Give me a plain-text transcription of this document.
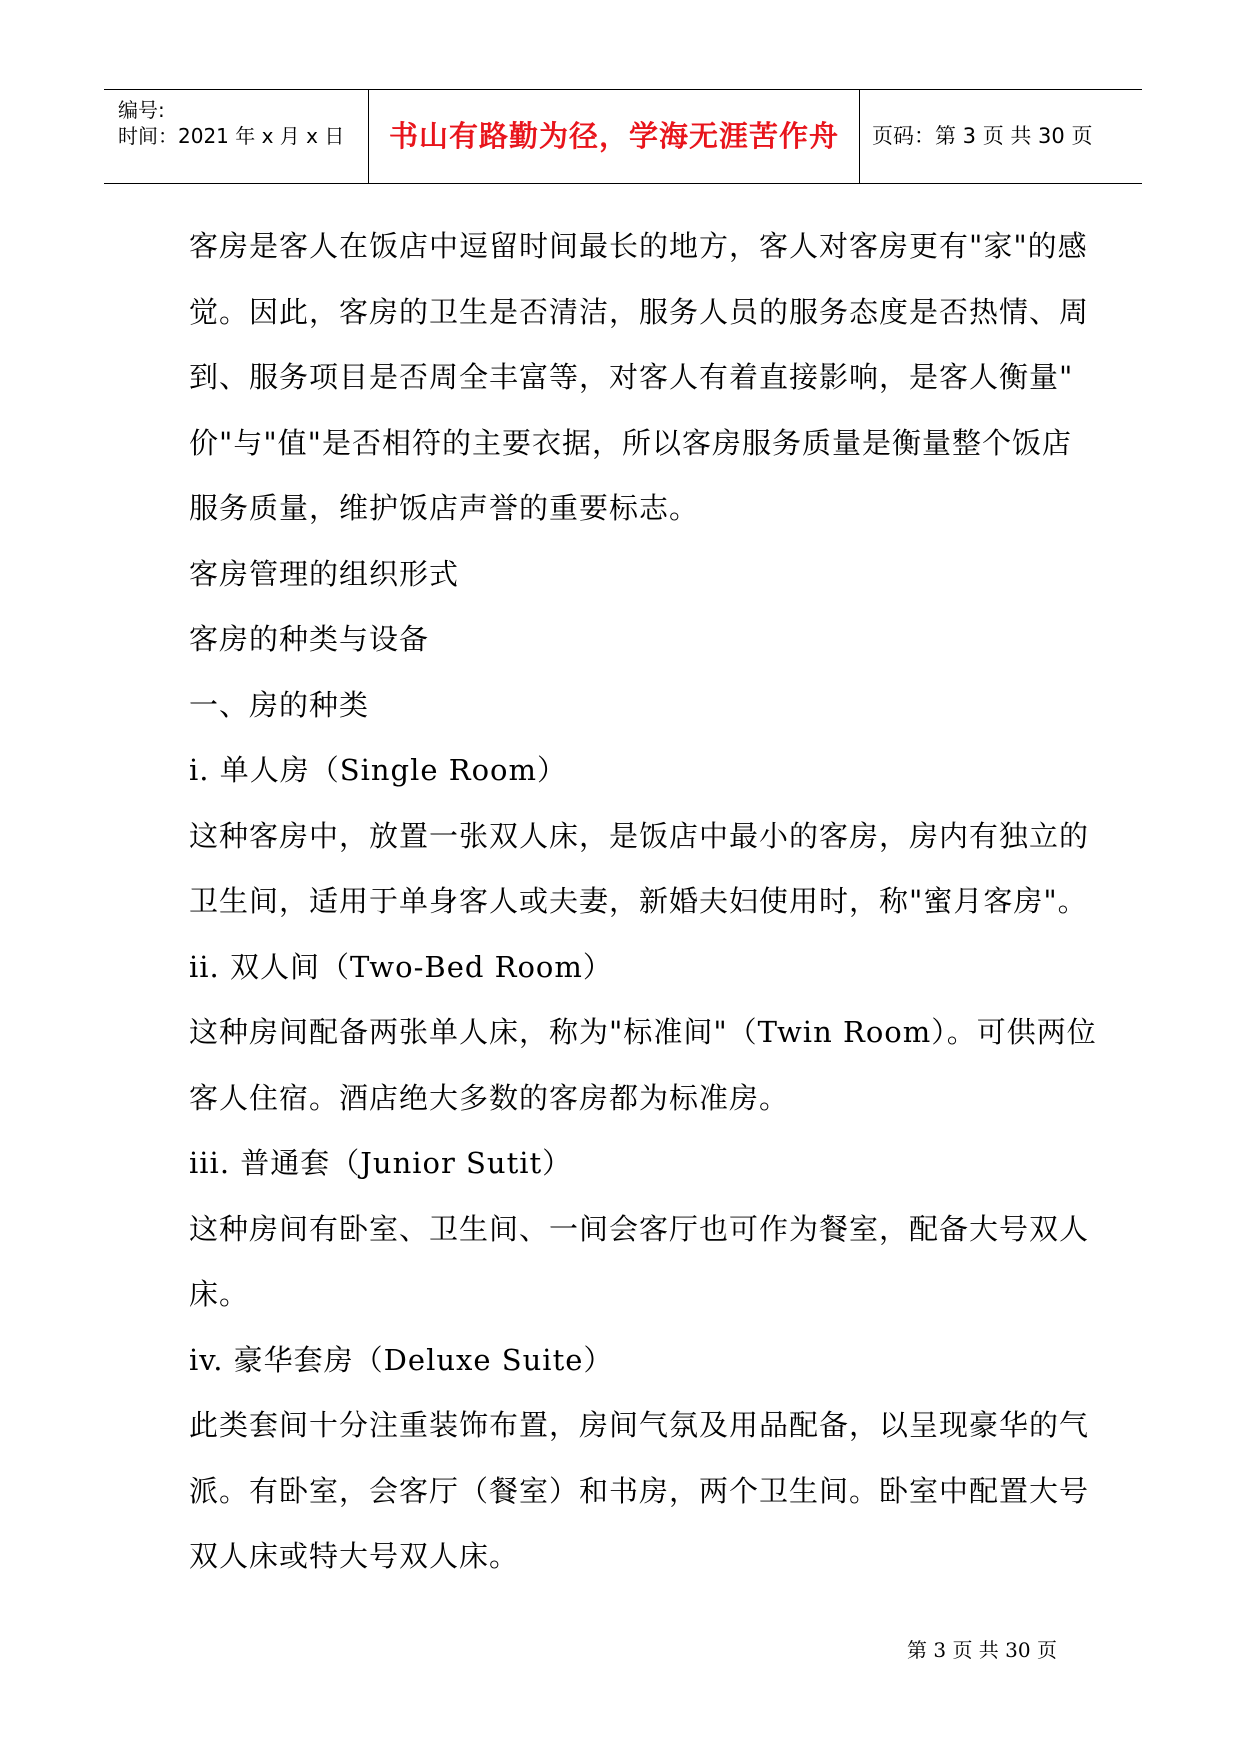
编号:
时间：2021 年 x 月 x 日	书山有路勤为径，学海无涯苦作舟	页码：第 3 页 共 30 页
客房是客人在饭店中逗留时间最长的地方，客人对客房更有"家"的感
觉。因此，客房的卫生是否清洁，服务人员的服务态度是否热情、周
到、服务项目是否周全丰富等，对客人有着直接影响，是客人衡量"
价"与"值"是否相符的主要衣据，所以客房服务质量是衡量整个饭店
服务质量，维护饭店声誉的重要标志。
客房管理的组织形式
客房的种类与设备
一、房的种类
i. 单人房（Single Room）
这种客房中，放置一张双人床，是饭店中最小的客房，房内有独立的
卫生间，适用于单身客人或夫妻，新婚夫妇使用时，称"蜜月客房"。
ii. 双人间（Two-Bed Room）
这种房间配备两张单人床，称为"标准间"（Twin Room）。可供两位
客人住宿。酒店绝大多数的客房都为标准房。
iii. 普通套（Junior Sutit）
这种房间有卧室、卫生间、一间会客厅也可作为餐室，配备大号双人
床。
iv. 豪华套房（Deluxe Suite）
此类套间十分注重装饰布置，房间气氛及用品配备，以呈现豪华的气
派。有卧室，会客厅（餐室）和书房，两个卫生间。卧室中配置大号
双人床或特大号双人床。
第 3 页 共 30 页
